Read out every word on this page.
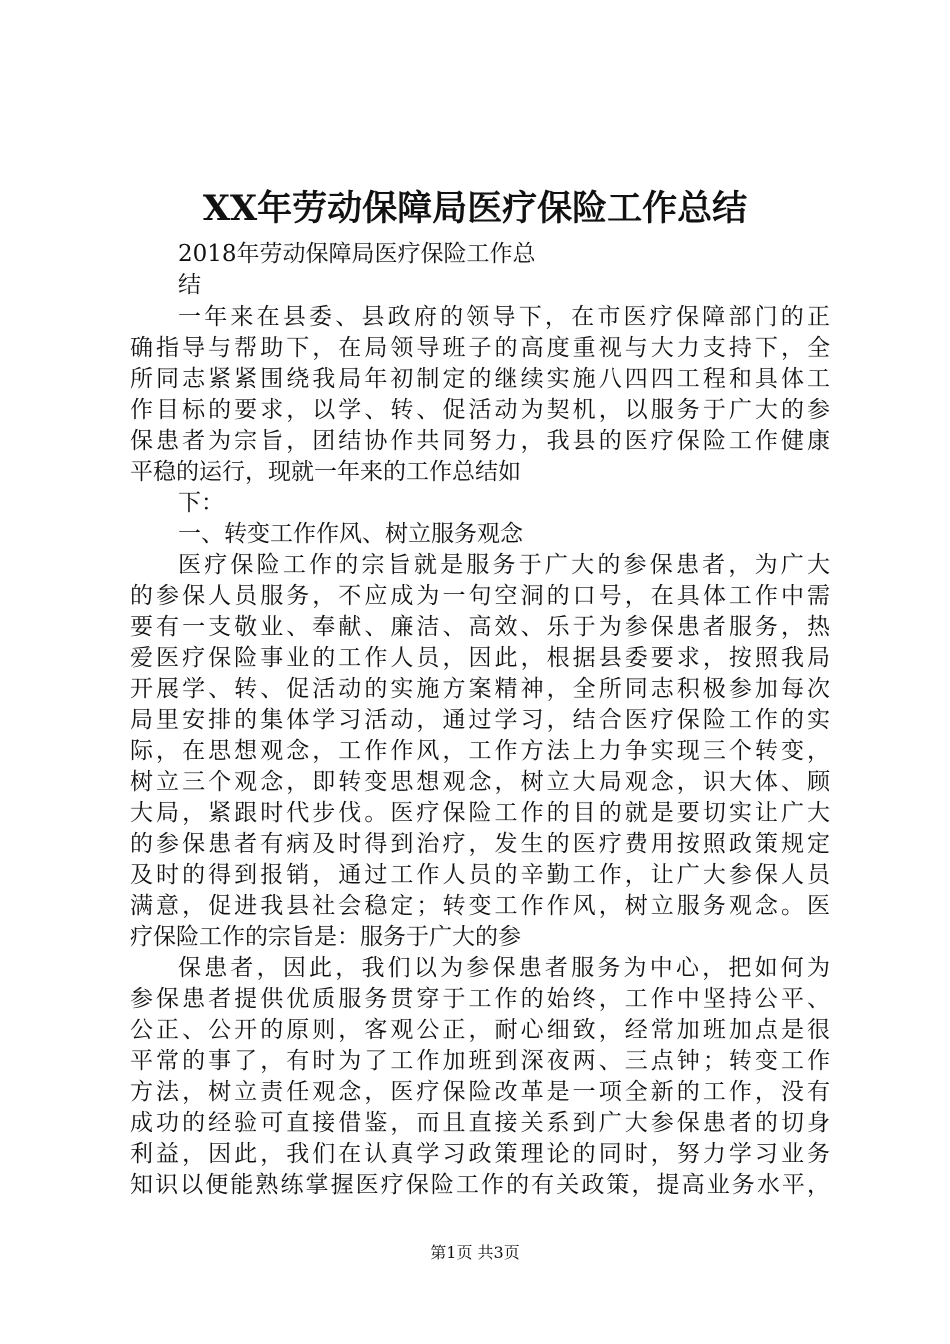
XX年劳动保障局医疗保险工作总结
2018年劳动保障局医疗保险工作总
结
一年来在县委、县政府的领导下，在市医疗保障部门的正
确指导与帮助下，在局领导班子的高度重视与大力支持下，全
所同志紧紧围绕我局年初制定的继续实施八四四工程和具体工
作目标的要求，以学、转、促活动为契机，以服务于广大的参
保患者为宗旨，团结协作共同努力，我县的医疗保险工作健康
平稳的运行，现就一年来的工作总结如
下：
一、转变工作作风、树立服务观念
医疗保险工作的宗旨就是服务于广大的参保患者，为广大
的参保人员服务，不应成为一句空洞的口号，在具体工作中需
要有一支敬业、奉献、廉洁、高效、乐于为参保患者服务，热
爱医疗保险事业的工作人员，因此，根据县委要求，按照我局
开展学、转、促活动的实施方案精神，全所同志积极参加每次
局里安排的集体学习活动，通过学习，结合医疗保险工作的实
际，在思想观念，工作作风，工作方法上力争实现三个转变，
树立三个观念，即转变思想观念，树立大局观念，识大体、顾
大局，紧跟时代步伐。医疗保险工作的目的就是要切实让广大
的参保患者有病及时得到治疗，发生的医疗费用按照政策规定
及时的得到报销，通过工作人员的辛勤工作，让广大参保人员
满意，促进我县社会稳定；转变工作作风，树立服务观念。医
疗保险工作的宗旨是：服务于广大的参
保患者，因此，我们以为参保患者服务为中心，把如何为
参保患者提供优质服务贯穿于工作的始终，工作中坚持公平、
公正、公开的原则，客观公正，耐心细致，经常加班加点是很
平常的事了，有时为了工作加班到深夜两、三点钟；转变工作
方法，树立责任观念，医疗保险改革是一项全新的工作，没有
成功的经验可直接借鉴，而且直接关系到广大参保患者的切身
利益，因此，我们在认真学习政策理论的同时，努力学习业务
知识以便能熟练掌握医疗保险工作的有关政策，提高业务水平，
第1页 共3页
